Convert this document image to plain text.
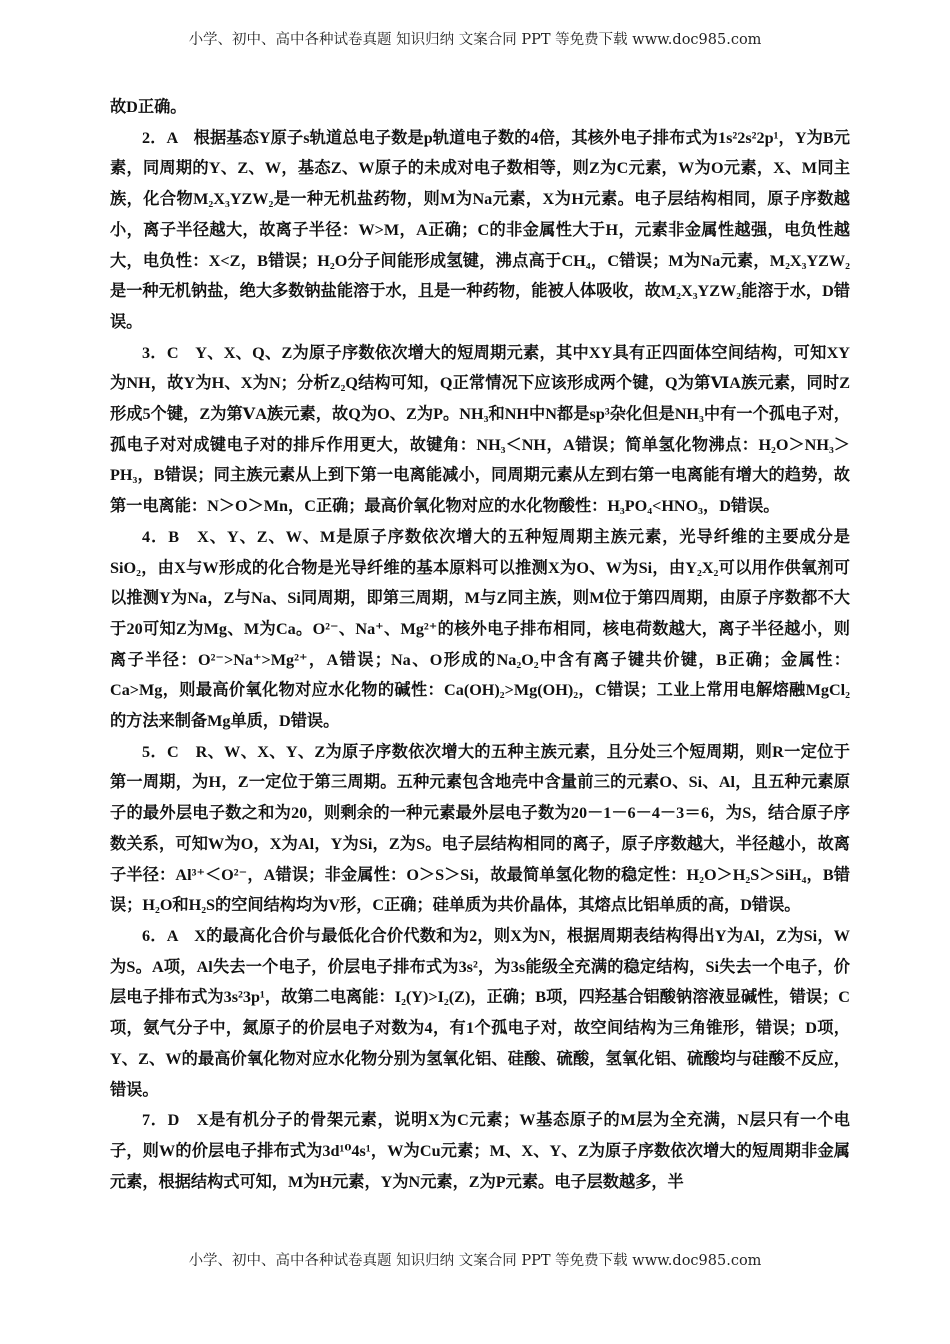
小学、初中、高中各种试卷真题 知识归纳 文案合同 PPT 等免费下载 www.doc985.com

故D正确。

2．A　根据基态Y原子s轨道总电子数是p轨道电子数的4倍，其核外电子排布式为1s²2s²2p¹，Y为B元素，同周期的Y、Z、W，基态Z、W原子的未成对电子数相等，则Z为C元素，W为O元素，X、M同主族，化合物M₂X₃YZW₂是一种无机盐药物，则M为Na元素，X为H元素。电子层结构相同，原子序数越小，离子半径越大，故离子半径：W>M，A正确；C的非金属性大于H，元素非金属性越强，电负性越大，电负性：X<Z，B错误；H₂O分子间能形成氢键，沸点高于CH₄，C错误；M为Na元素，M₂X₃YZW₂是一种无机钠盐，绝大多数钠盐能溶于水，且是一种药物，能被人体吸收，故M₂X₃YZW₂能溶于水，D错误。

3．C　Y、X、Q、Z为原子序数依次增大的短周期元素，其中XY具有正四面体空间结构，可知XY为NH，故Y为H、X为N；分析Z₂Q结构可知，Q正常情况下应该形成两个键，Q为第ⅥA族元素，同时Z形成5个键，Z为第ⅤA族元素，故Q为O、Z为P。NH₃和NH中N都是sp³杂化但是NH₃中有一个孤电子对，孤电子对对成键电子对的排斥作用更大，故键角：NH₃＜NH，A错误；简单氢化物沸点：H₂O＞NH₃＞PH₃，B错误；同主族元素从上到下第一电离能减小，同周期元素从左到右第一电离能有增大的趋势，故第一电离能：N＞O＞Mn，C正确；最高价氧化物对应的水化物酸性：H₃PO₄<HNO₃，D错误。

4．B　X、Y、Z、W、M是原子序数依次增大的五种短周期主族元素，光导纤维的主要成分是SiO₂，由X与W形成的化合物是光导纤维的基本原料可以推测X为O、W为Si，由Y₂X₂可以用作供氧剂可以推测Y为Na，Z与Na、Si同周期，即第三周期，M与Z同主族，则M位于第四周期，由原子序数都不大于20可知Z为Mg、M为Ca。O²⁻、Na⁺、Mg²⁺的核外电子排布相同，核电荷数越大，离子半径越小，则离子半径：O²⁻>Na⁺>Mg²⁺，A错误；Na、O形成的Na₂O₂中含有离子键共价键，B正确；金属性：Ca>Mg，则最高价氧化物对应水化物的碱性：Ca(OH)₂>Mg(OH)₂，C错误；工业上常用电解熔融MgCl₂的方法来制备Mg单质，D错误。

5．C　R、W、X、Y、Z为原子序数依次增大的五种主族元素，且分处三个短周期，则R一定位于第一周期，为H，Z一定位于第三周期。五种元素包含地壳中含量前三的元素O、Si、Al，且五种元素原子的最外层电子数之和为20，则剩余的一种元素最外层电子数为20－1－6－4－3＝6，为S，结合原子序数关系，可知W为O，X为Al，Y为Si，Z为S。电子层结构相同的离子，原子序数越大，半径越小，故离子半径：Al³⁺＜O²⁻，A错误；非金属性：O＞S＞Si，故最简单氢化物的稳定性：H₂O＞H₂S＞SiH₄，B错误；H₂O和H₂S的空间结构均为V形，C正确；硅单质为共价晶体，其熔点比铝单质的高，D错误。

6．A　X的最高化合价与最低化合价代数和为2，则X为N，根据周期表结构得出Y为Al，Z为Si，W为S。A项，Al失去一个电子，价层电子排布式为3s²，为3s能级全充满的稳定结构，Si失去一个电子，价层电子排布式为3s²3p¹，故第二电离能：I₂(Y)>I₂(Z)，正确；B项，四羟基合铝酸钠溶液显碱性，错误；C项，氨气分子中，氮原子的价层电子对数为4，有1个孤电子对，故空间结构为三角锥形，错误；D项，Y、Z、W的最高价氧化物对应水化物分别为氢氧化铝、硅酸、硫酸，氢氧化铝、硫酸均与硅酸不反应，错误。

7．D　X是有机分子的骨架元素，说明X为C元素；W基态原子的M层为全充满，N层只有一个电子，则W的价层电子排布式为3d¹⁰4s¹，W为Cu元素；M、X、Y、Z为原子序数依次增大的短周期非金属元素，根据结构式可知，M为H元素，Y为N元素，Z为P元素。电子层数越多，半

小学、初中、高中各种试卷真题 知识归纳 文案合同 PPT 等免费下载 www.doc985.com
